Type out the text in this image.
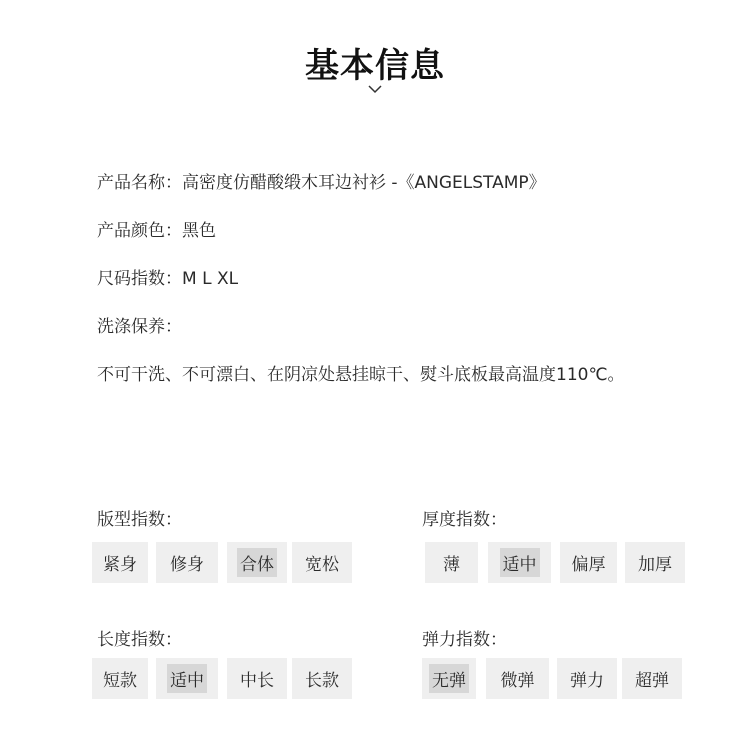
基本信息
产品名称：高密度仿醋酸缎木耳边衬衫 -《ANGELSTAMP》
产品颜色：黑色
尺码指数：M L XL
洗涤保养：
不可干洗、不可漂白、在阴凉处悬挂晾干、熨斗底板最高温度110℃。
版型指数：
紧身 修身 合体 宽松
厚度指数：
薄	适中 偏厚 加厚
长度指数：
短款 适中 中长 长款
弹力指数：
无弹 微弹 弹力 超弹
